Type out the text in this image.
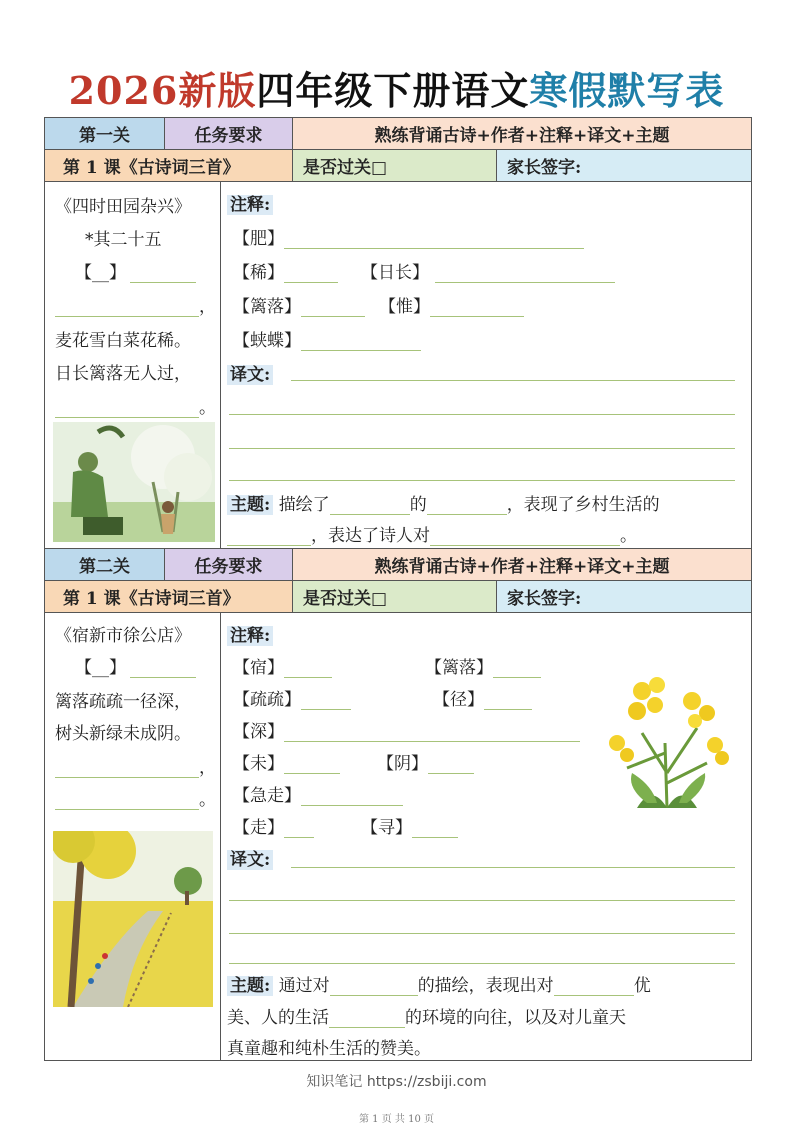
2026新版四年级下册语文寒假默写表
第一关	任务要求	熟练背诵古诗+作者+注释+译文+主题
第 1 课《古诗词三首》	是否过关□	家长签字:
《四时田园杂兴》
*其二十五
【__】
，
麦花雪白菜花稀。
日长篱落无人过，
。
注释:
【肥】
【稀】	【日长】
【篱落】	【惟】
【蛱蝶】
译文:
主题: 描绘了	的	，表现了乡村生活的
，表达了诗人对	。
第二关	任务要求	熟练背诵古诗+作者+注释+译文+主题
第 1 课《古诗词三首》	是否过关□	家长签字:
《宿新市徐公店》
【__】
篱落疏疏一径深，
树头新绿未成阴。
，
。
注释:
【宿】	【篱落】
【疏疏】	【径】
【深】
【未】	【阴】
【急走】
【走】	【寻】
译文:
主题: 通过对	的描绘，表现出对	优
美、人的生活	的环境的向往，以及对儿童天
真童趣和纯朴生活的赞美。
知识笔记 https://zsbiji.com
第 1 页 共 10 页
